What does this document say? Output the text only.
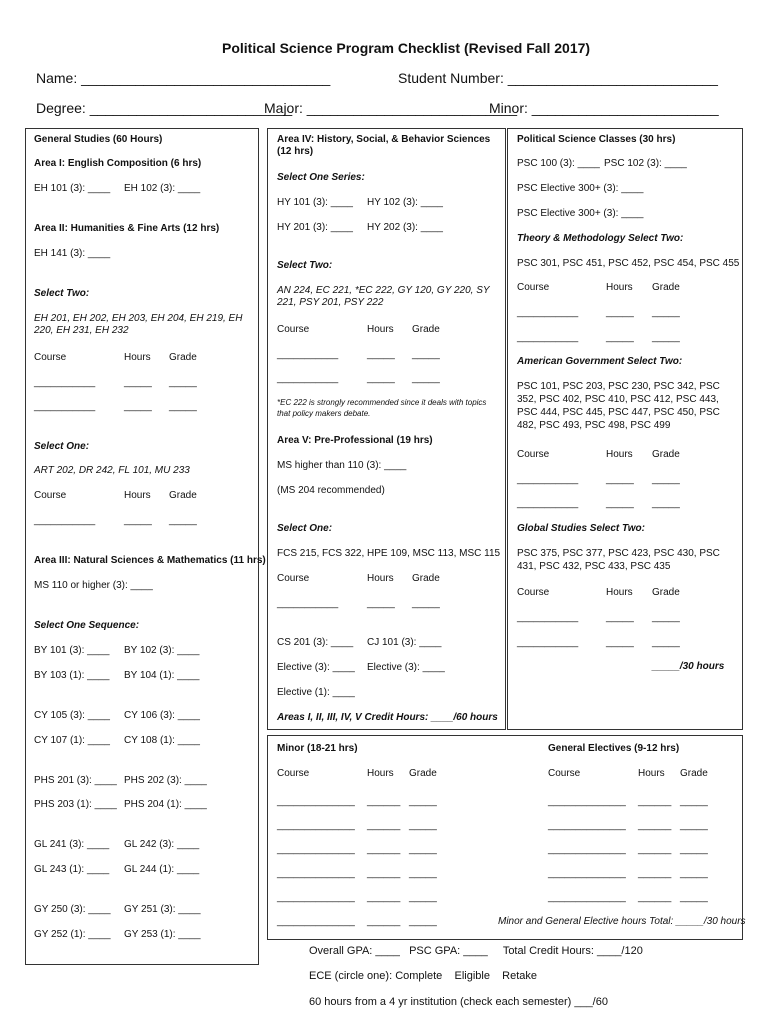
Political Science Program Checklist (Revised Fall 2017)
Name: ________________________________	Student Number: ___________________________
Degree: __________________________
Major: ___________________________
Minor: ________________________
General Studies (60 Hours)
Area I: English Composition (6 hrs)
EH 101 (3): ____ EH 102 (3): ____
Area II: Humanities & Fine Arts (12 hrs)
EH 141 (3): ____
Select Two:
EH 201, EH 202, EH 203, EH 204, EH 219, EH 220, EH 231, EH 232
Course	Hours Grade
___________	_____ _____
___________	_____ _____
Select One:
ART 202, DR 242, FL 101, MU 233
Course	Hours Grade
___________	_____ _____
Area III: Natural Sciences & Mathematics (11 hrs)
MS 110 or higher (3): ____
Select One Sequence:
BY 101 (3): ____ BY 102 (3): ____
BY 103 (1): ____ BY 104 (1): ____
CY 105 (3): ____ CY 106 (3): ____
CY 107 (1): ____ CY 108 (1): ____
PHS 201 (3): ____ PHS 202 (3): ____
PHS 203 (1): ____ PHS 204 (1): ____
GL 241 (3): ____ GL 242 (3): ____
GL 243 (1): ____ GL 244 (1): ____
GY 250 (3): ____ GY 251 (3): ____
GY 252 (1): ____ GY 253 (1): ____
Area IV: History, Social, & Behavior Sciences (12 hrs)
Select One Series:
HY 101 (3): ____ HY 102 (3): ____
HY 201 (3): ____ HY 202 (3): ____
Select Two:
AN 224, EC 221, *EC 222, GY 120, GY 220, SY 221, PSY 201, PSY 222
Course	Hours Grade
___________	_____ _____
___________	_____ _____
*EC 222 is strongly recommended since it deals with topics that policy makers debate.
Area V: Pre-Professional (19 hrs)
MS higher than 110 (3): ____
(MS 204 recommended)
Select One:
FCS 215, FCS 322, HPE 109, MSC 113, MSC 115
Course	Hours Grade
___________	_____ _____
CS 201 (3): ____ CJ 101 (3): ____
Elective (3): ____ Elective (3): ____
Elective (1): ____
Areas I, II, III, IV, V Credit Hours: ____/60 hours
Political Science Classes (30 hrs)
PSC 100 (3): ____ PSC 102 (3): ____
PSC Elective 300+ (3): ____
PSC Elective 300+ (3): ____
Theory & Methodology Select Two:
PSC 301, PSC 451, PSC 452, PSC 454, PSC 455
Course	Hours Grade
___________	_____ _____
___________	_____ _____
American Government Select Two:
PSC 101, PSC 203, PSC 230, PSC 342, PSC 352, PSC 402, PSC 410, PSC 412, PSC 443, PSC 444, PSC 445, PSC 447, PSC 450, PSC 482, PSC 493, PSC 498, PSC 499
Course	Hours Grade
___________	_____ _____
___________	_____ _____
Global Studies Select Two:
PSC 375, PSC 377, PSC 423, PSC 430, PSC 431, PSC 432, PSC 433, PSC 435
Course	Hours Grade
___________	_____ _____
___________	_____ _____
_____/30 hours
Minor (18-21 hrs)
Course	Hours Grade
______________ ______ _____
______________ ______ _____
______________ ______ _____
______________ ______ _____
______________ ______ _____
______________ ______ _____
General Electives (9-12 hrs)
Course	Hours Grade
______________ ______ _____
______________ ______ _____
______________ ______ _____
______________ ______ _____
______________ ______ _____
Minor and General Elective hours Total: _____/30 hours
Overall GPA: ____   PSC GPA: ____     Total Credit Hours: ____/120
ECE (circle one): Complete    Eligible    Retake
60 hours from a 4 yr institution (check each semester) ___/60
